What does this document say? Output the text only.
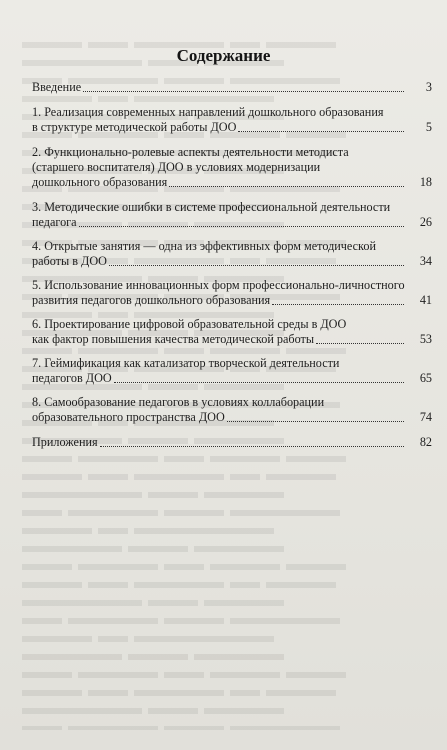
Содержание
Введение	3
1. Реализация современных направлений дошкольного образования
в структуре методической работы ДОО	5
2. Функционально-ролевые аспекты деятельности методиста
(старшего воспитателя) ДОО в условиях модернизации
дошкольного образования	18
3. Методические ошибки в системе профессиональной деятельности
педагога	26
4. Открытые занятия — одна из эффективных форм методической
работы в ДОО	34
5. Использование инновационных форм профессионально-личностного
развития педагогов дошкольного образования	41
6. Проектирование цифровой образовательной среды в ДОО
как фактор повышения качества методической работы	53
7. Геймификация как катализатор творческой деятельности
педагогов ДОО	65
8. Самообразование педагогов в условиях коллаборации
образовательного пространства ДОО	74
Приложения	82
